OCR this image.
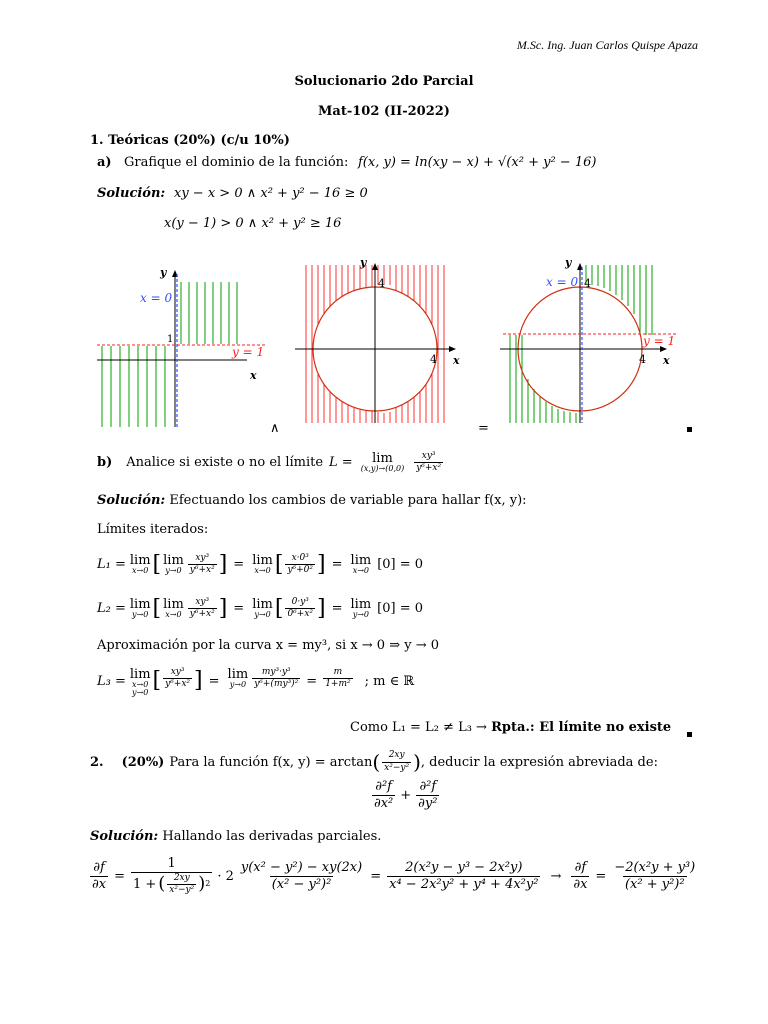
M.Sc. Ing. Juan Carlos Quispe Apaza
Solucionario 2do Parcial
Mat-102 (II-2022)
1. Teóricas (20%) (c/u 10%)
a) Grafique el dominio de la función: f(x, y) = ln(xy − x) + √(x² + y² − 16)
Solución: xy − x > 0 ∧ x² + y² − 16 ≥ 0
x(y − 1) > 0 ∧ x² + y² ≥ 16
y
x
x = 0
1
y = 1
y
x
4
4
y
x
x = 0 4
4
y = 1
∧	=
b) Analice si existe o no el límite L = lim
$(x,y)\to(0,0) \frac{\text{xy³}}{\text{y⁶+x²}}$
Solución: Efectuando los cambios de variable para hallar f(x, y):
Límites iterados:
L₁ = lim
x→0 [ lim
$y\to 0 \frac{\text{xy³}}{\text{y⁶+x²}}$ ] = lim
x→0 [ $\frac{\text{x·0³}}{\text{y⁶+0²}}$ ] = lim
x→0 [0] = 0
L₂ = lim
y→0 [ lim
$x\to 0 \frac{\text{xy³}}{\text{y⁶+x²}}$ ] = lim
y→0 [ $\frac{\text{0·y³}}{\text{0⁶+x²}}$ ] = lim
y→0 [0] = 0
Aproximación por la curva x = my³, si x → 0 ⇒ y → 0
L₃ = lim
x→0
y→0 [ $\frac{\text{xy³}}{\text{y⁶+x²}}$ ] = lim
$y\to 0 \frac{\text{my³·y³}}{\text{y⁶+(my³)²}} = \frac{m}{\text{1+m²}}$ ; m ∈ ℝ
Como L₁ = L₂ ≠ L₃ → Rpta.: El límite no existe
2. (20%) Para la función f(x, y) = arctan ( $\frac{2xy}{\text{x²−y²}}$ ) , deducir la expresión abreviada de:
$\frac{\text{∂²f}}{\text{∂x²}} + \frac{\text{∂²f}}{\text{∂y²}}$
Solución: Hallando las derivadas parciales.
$\frac{\partial f}{\partial x} = \frac{1}{1 + ( \frac{2xy}{\text{x²−y²}} ) 2} \cdot 2 \frac{\text{y(x² − y²) − xy(2x)}}{\text{(x² − y²)²}} = \frac{\text{2(x²y − y³ − 2x²y)}}{\text{x⁴ − 2x²y² + y⁴ + 4x²y²}} \to \frac{\partial f}{\partial x} = \frac{\text{−2(x²y + y³)}}{\text{(x² + y²)²}}$
